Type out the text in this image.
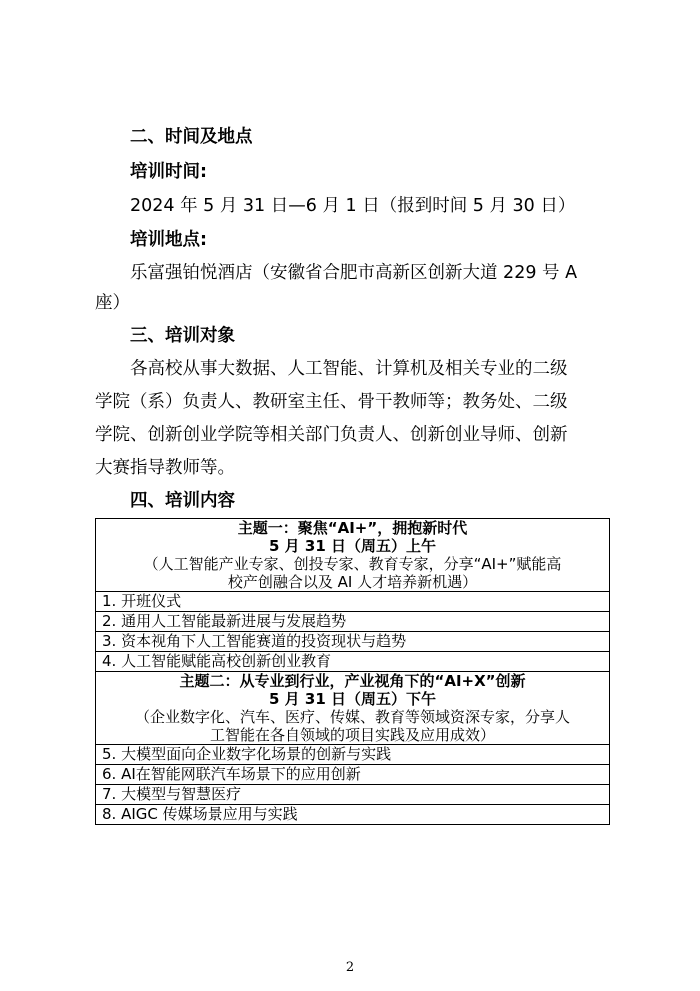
二、时间及地点
培训时间:
2024 年 5 月 31 日—6 月 1 日（报到时间 5 月 30 日）
培训地点:
乐富强铂悦酒店（安徽省合肥市高新区创新大道 229 号 A
座）
三、培训对象
各高校从事大数据、人工智能、计算机及相关专业的二级
学院（系）负责人、教研室主任、骨干教师等；教务处、二级
学院、创新创业学院等相关部门负责人、创新创业导师、创新
大赛指导教师等。
四、培训内容
主题一：聚焦“AI+”，拥抱新时代
5 月 31 日（周五）上午
（人工智能产业专家、创投专家、教育专家，分享“AI+”赋能高
校产创融合以及 AI 人才培养新机遇）

1. 开班仪式
2. 通用人工智能最新进展与发展趋势
3. 资本视角下人工智能赛道的投资现状与趋势
4. 人工智能赋能高校创新创业教育

主题二：从专业到行业，产业视角下的“AI+X”创新
5 月 31 日（周五）下午
（企业数字化、汽车、医疗、传媒、教育等领域资深专家，分享人
工智能在各自领域的项目实践及应用成效）

5. 大模型面向企业数字化场景的创新与实践
6. AI在智能网联汽车场景下的应用创新
7. 大模型与智慧医疗
8. AIGC 传媒场景应用与实践
2
